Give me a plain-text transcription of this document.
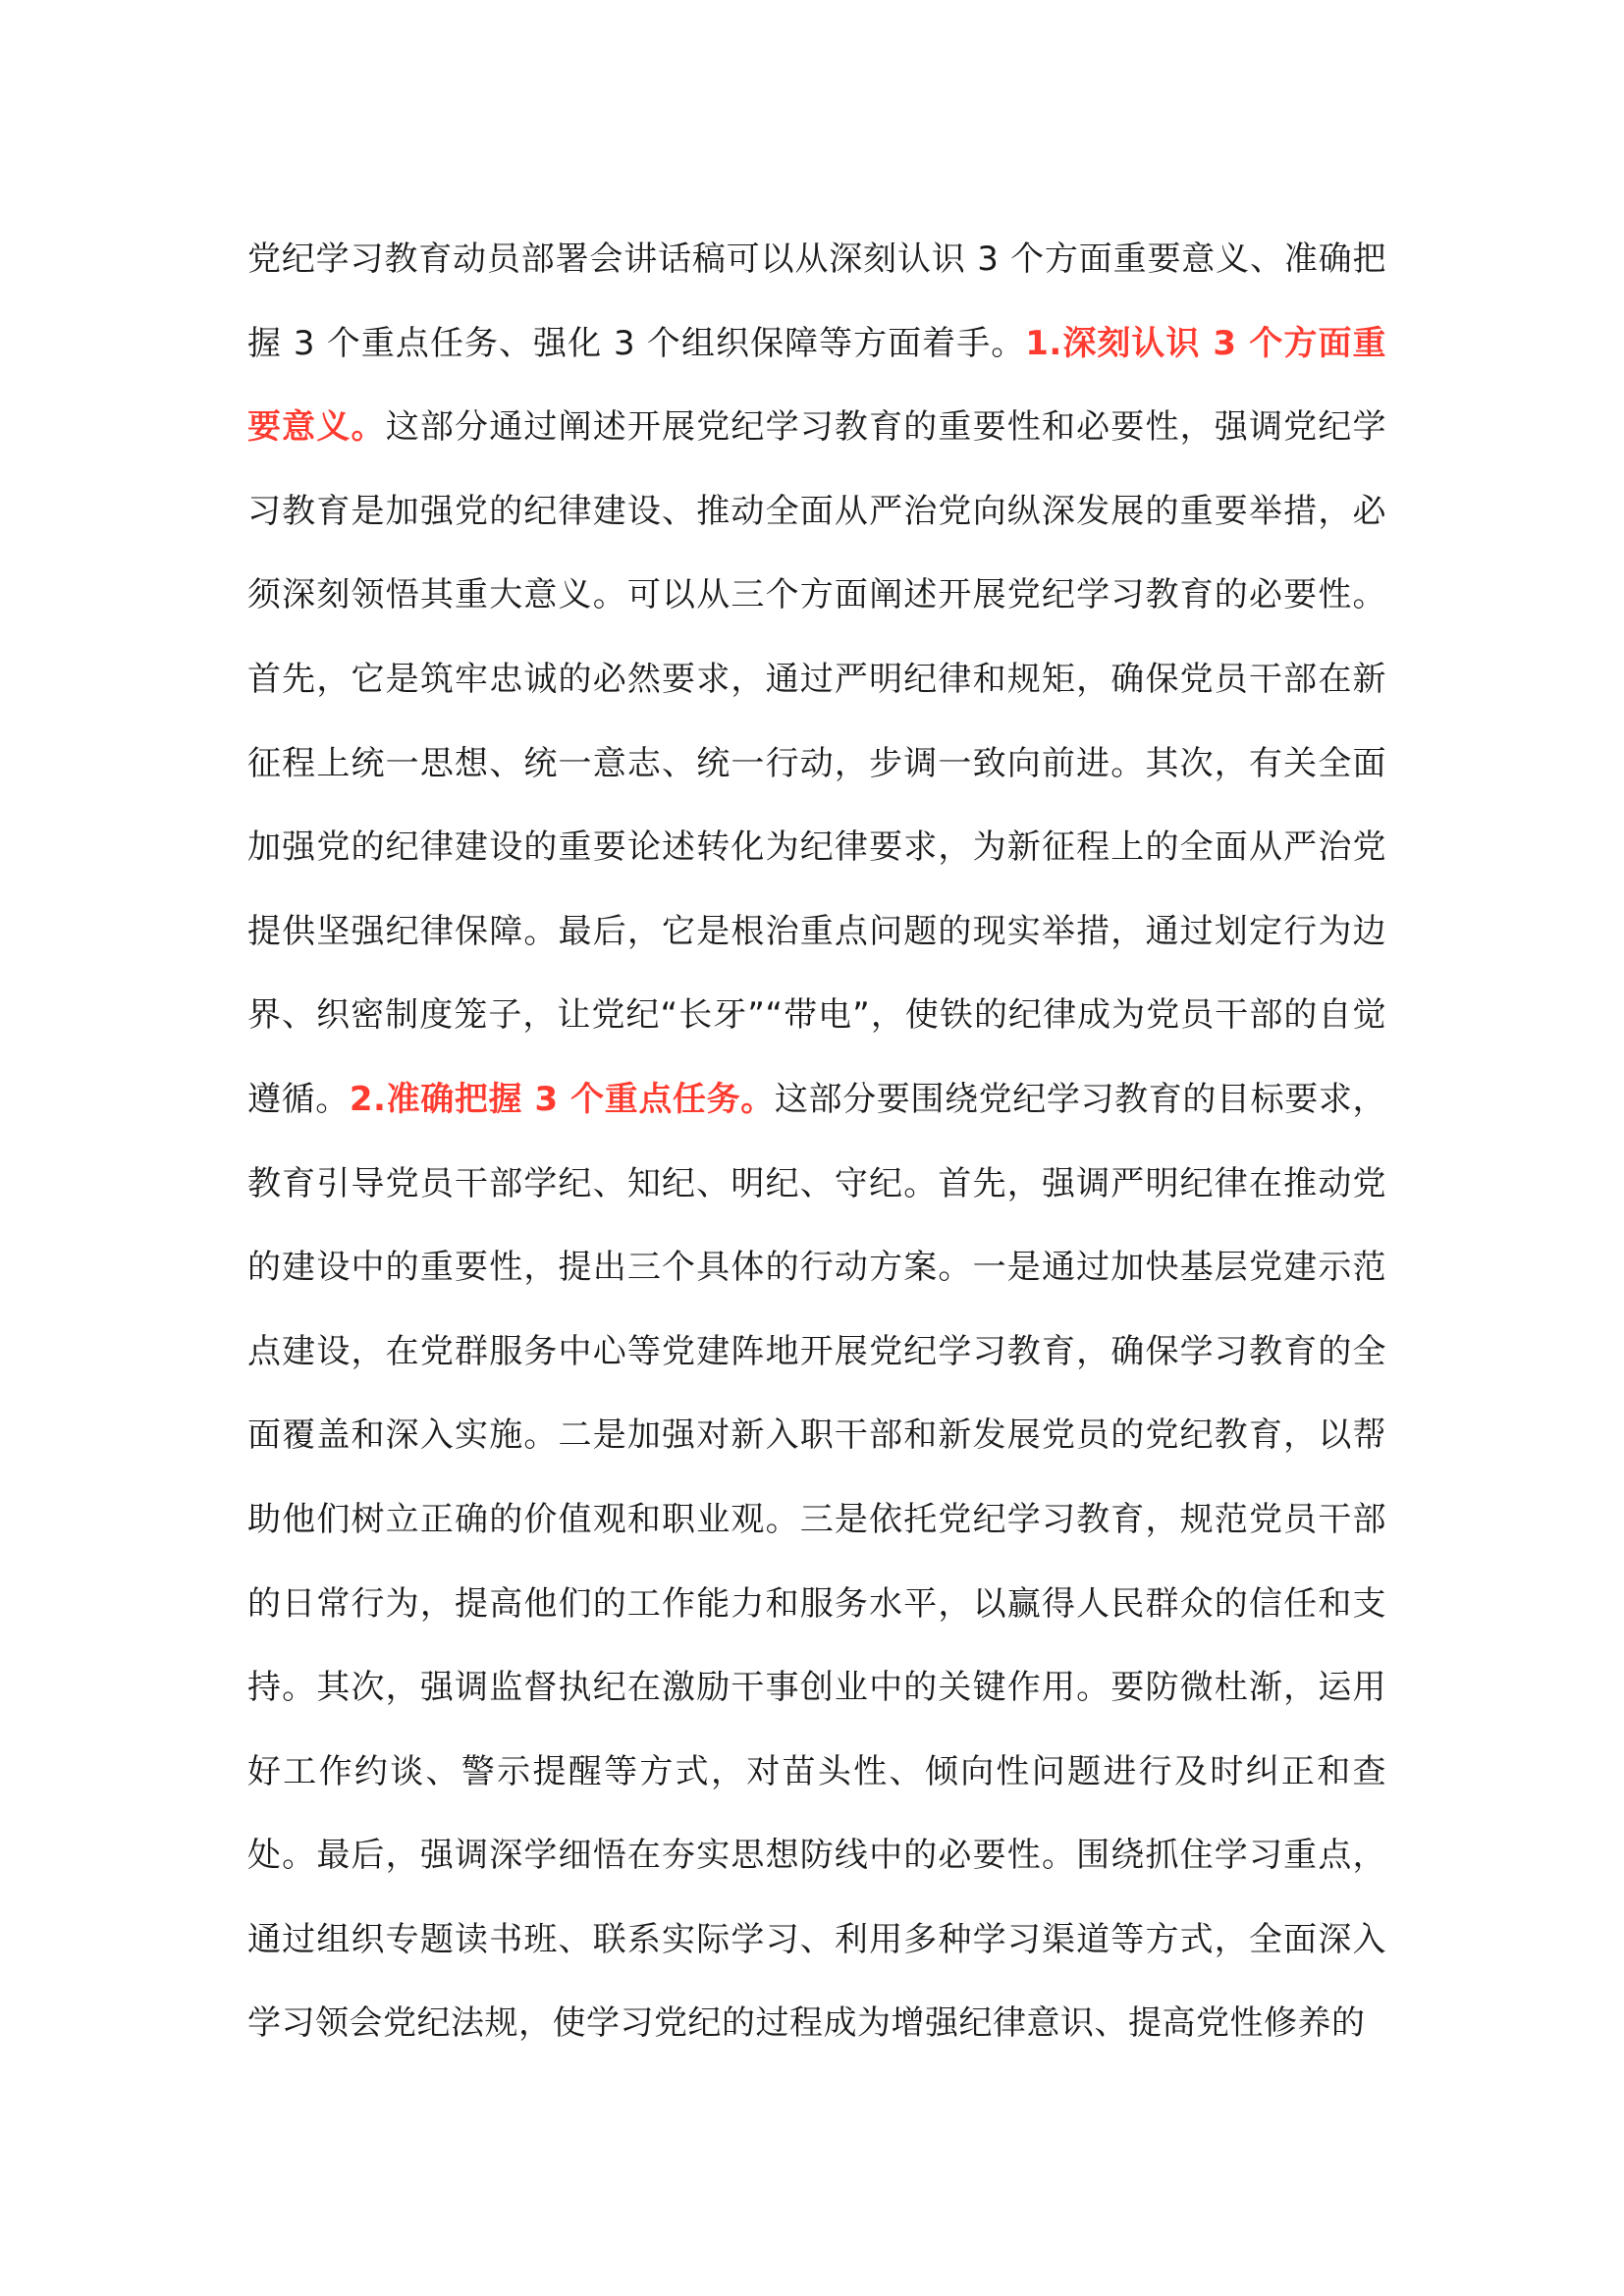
党纪学习教育动员部署会讲话稿可以从深刻认识 3 个方面重要意义、准确把握 3 个重点任务、强化 3 个组织保障等方面着手。1.深刻认识 3 个方面重要意义。这部分通过阐述开展党纪学习教育的重要性和必要性，强调党纪学习教育是加强党的纪律建设、推动全面从严治党向纵深发展的重要举措，必须深刻领悟其重大意义。可以从三个方面阐述开展党纪学习教育的必要性。首先，它是筑牢忠诚的必然要求，通过严明纪律和规矩，确保党员干部在新征程上统一思想、统一意志、统一行动，步调一致向前进。其次，有关全面加强党的纪律建设的重要论述转化为纪律要求，为新征程上的全面从严治党提供坚强纪律保障。最后，它是根治重点问题的现实举措，通过划定行为边界、织密制度笼子，让党纪“长牙”“带电”，使铁的纪律成为党员干部的自觉遵循。2.准确把握 3 个重点任务。这部分要围绕党纪学习教育的目标要求，教育引导党员干部学纪、知纪、明纪、守纪。首先，强调严明纪律在推动党的建设中的重要性，提出三个具体的行动方案。一是通过加快基层党建示范点建设，在党群服务中心等党建阵地开展党纪学习教育，确保学习教育的全面覆盖和深入实施。二是加强对新入职干部和新发展党员的党纪教育，以帮助他们树立正确的价值观和职业观。三是依托党纪学习教育，规范党员干部的日常行为，提高他们的工作能力和服务水平，以赢得人民群众的信任和支持。其次，强调监督执纪在激励干事创业中的关键作用。要防微杜渐，运用好工作约谈、警示提醒等方式，对苗头性、倾向性问题进行及时纠正和查处。最后，强调深学细悟在夯实思想防线中的必要性。围绕抓住学习重点，通过组织专题读书班、联系实际学习、利用多种学习渠道等方式，全面深入学习领会党纪法规，使学习党纪的过程成为增强纪律意识、提高党性修养的
